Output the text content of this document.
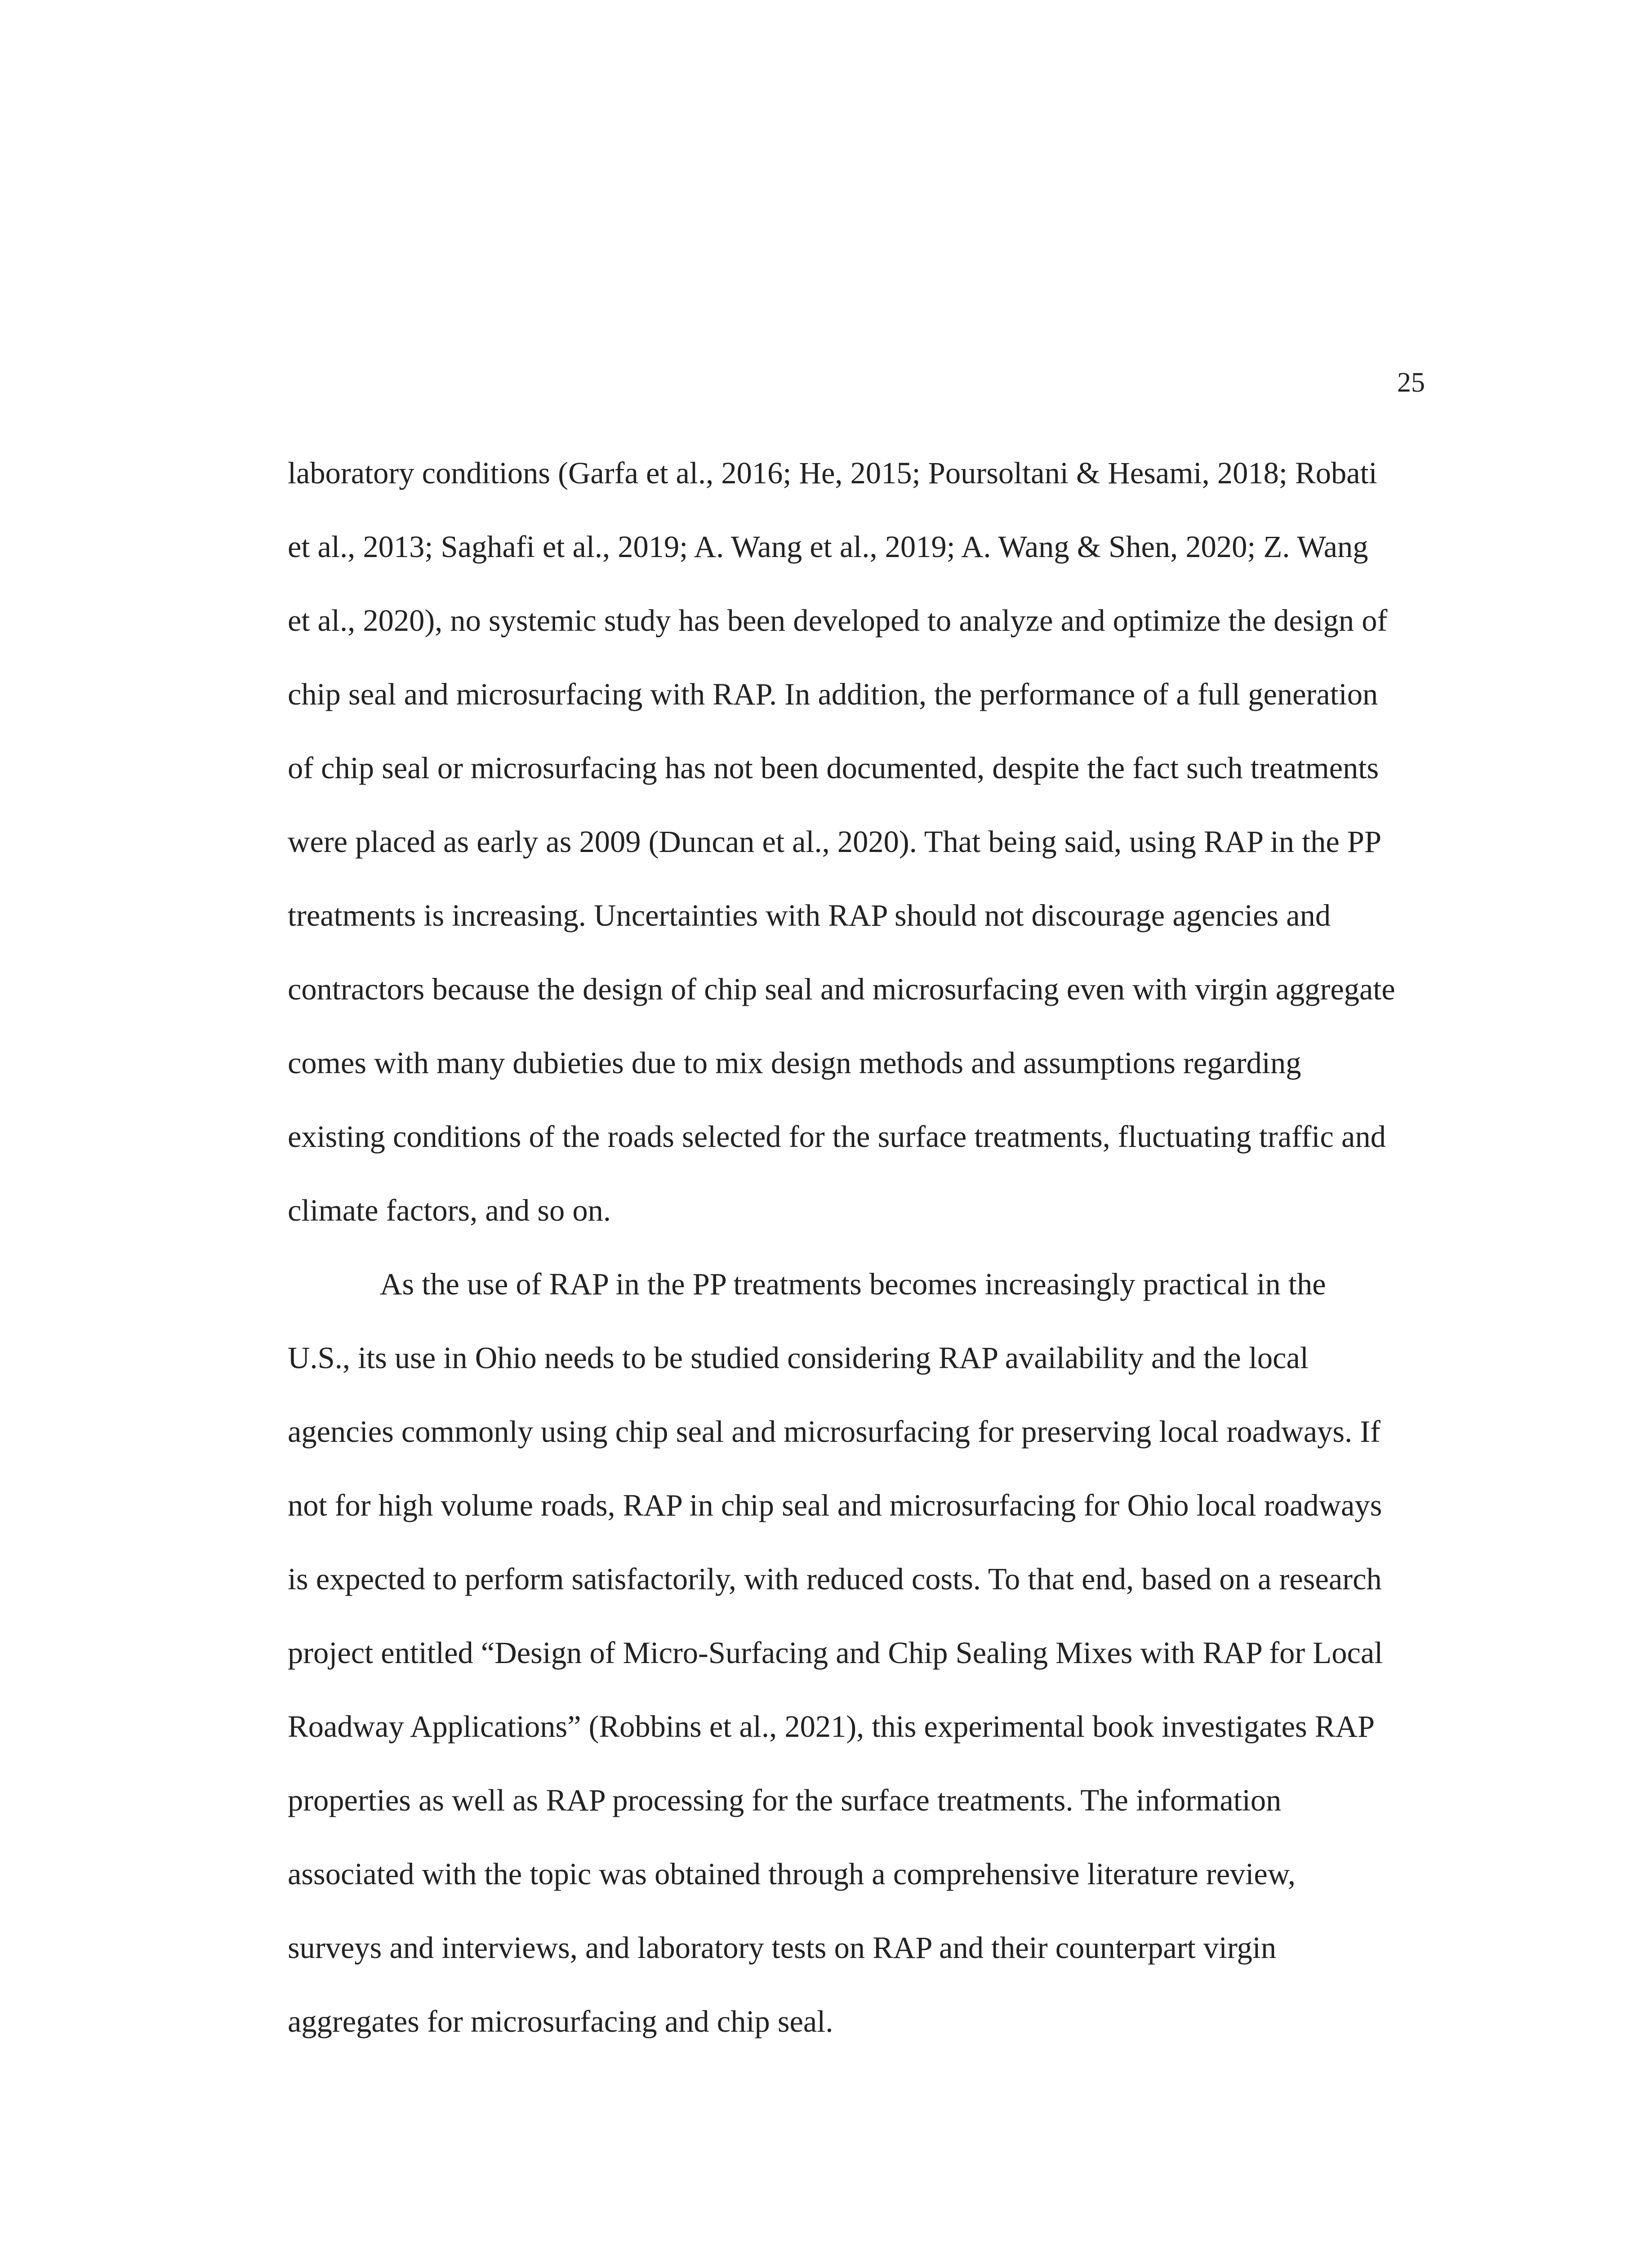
25

laboratory conditions (Garfa et al., 2016; He, 2015; Poursoltani & Hesami, 2018; Robati
et al., 2013; Saghafi et al., 2019; A. Wang et al., 2019; A. Wang & Shen, 2020; Z. Wang
et al., 2020), no systemic study has been developed to analyze and optimize the design of
chip seal and microsurfacing with RAP. In addition, the performance of a full generation
of chip seal or microsurfacing has not been documented, despite the fact such treatments
were placed as early as 2009 (Duncan et al., 2020). That being said, using RAP in the PP
treatments is increasing. Uncertainties with RAP should not discourage agencies and
contractors because the design of chip seal and microsurfacing even with virgin aggregate
comes with many dubieties due to mix design methods and assumptions regarding
existing conditions of the roads selected for the surface treatments, fluctuating traffic and
climate factors, and so on.

As the use of RAP in the PP treatments becomes increasingly practical in the
U.S., its use in Ohio needs to be studied considering RAP availability and the local
agencies commonly using chip seal and microsurfacing for preserving local roadways. If
not for high volume roads, RAP in chip seal and microsurfacing for Ohio local roadways
is expected to perform satisfactorily, with reduced costs. To that end, based on a research
project entitled “Design of Micro-Surfacing and Chip Sealing Mixes with RAP for Local
Roadway Applications” (Robbins et al., 2021), this experimental book investigates RAP
properties as well as RAP processing for the surface treatments. The information
associated with the topic was obtained through a comprehensive literature review,
surveys and interviews, and laboratory tests on RAP and their counterpart virgin
aggregates for microsurfacing and chip seal.
